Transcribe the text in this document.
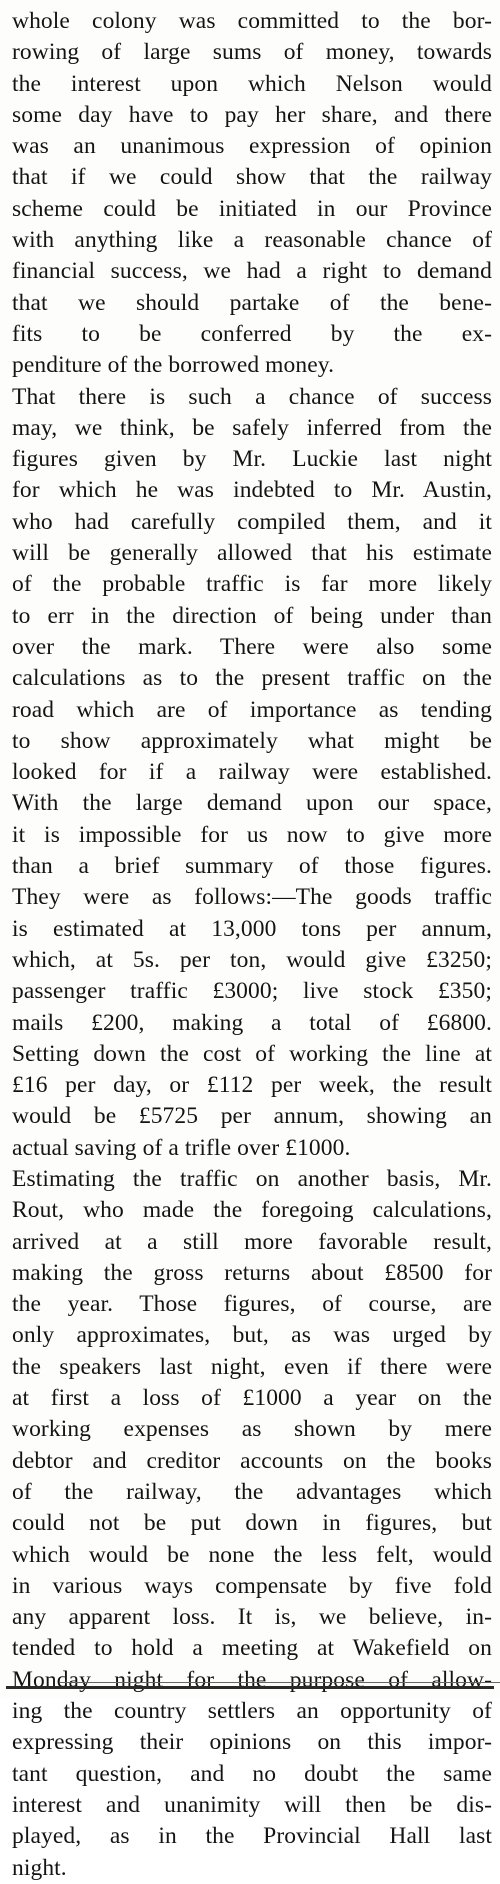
whole colony was committed to the bor-
rowing of large sums of money, towards
the interest upon which Nelson would
some day have to pay her share, and there
was an unanimous expression of opinion
that if we could show that the railway
scheme could be initiated in our Province
with anything like a reasonable chance of
financial success, we had a right to demand
that we should partake of the bene-
fits to be conferred by the ex-
penditure of the borrowed money.
That there is such a chance of success
may, we think, be safely inferred from the
figures given by Mr. Luckie last night
for which he was indebted to Mr. Austin,
who had carefully compiled them, and it
will be generally allowed that his estimate
of the probable traffic is far more likely
to err in the direction of being under than
over the mark. There were also some
calculations as to the present traffic on the
road which are of importance as tending
to show approximately what might be
looked for if a railway were established.
With the large demand upon our space,
it is impossible for us now to give more
than a brief summary of those figures.
They were as follows:—The goods traffic
is estimated at 13,000 tons per annum,
which, at 5s. per ton, would give £3250;
passenger traffic £3000; live stock £350;
mails £200, making a total of £6800.
Setting down the cost of working the line at
£16 per day, or £112 per week, the result
would be £5725 per annum, showing an
actual saving of a trifle over £1000.
Estimating the traffic on another basis, Mr.
Rout, who made the foregoing calculations,
arrived at a still more favorable result,
making the gross returns about £8500 for
the year. Those figures, of course, are
only approximates, but, as was urged by
the speakers last night, even if there were
at first a loss of £1000 a year on the
working expenses as shown by mere
debtor and creditor accounts on the books
of the railway, the advantages which
could not be put down in figures, but
which would be none the less felt, would
in various ways compensate by five fold
any apparent loss. It is, we believe, in-
tended to hold a meeting at Wakefield on
Monday night for the purpose of allow-
ing the country settlers an opportunity of
expressing their opinions on this impor-
tant question, and no doubt the same
interest and unanimity will then be dis-
played, as in the Provincial Hall last
night.
